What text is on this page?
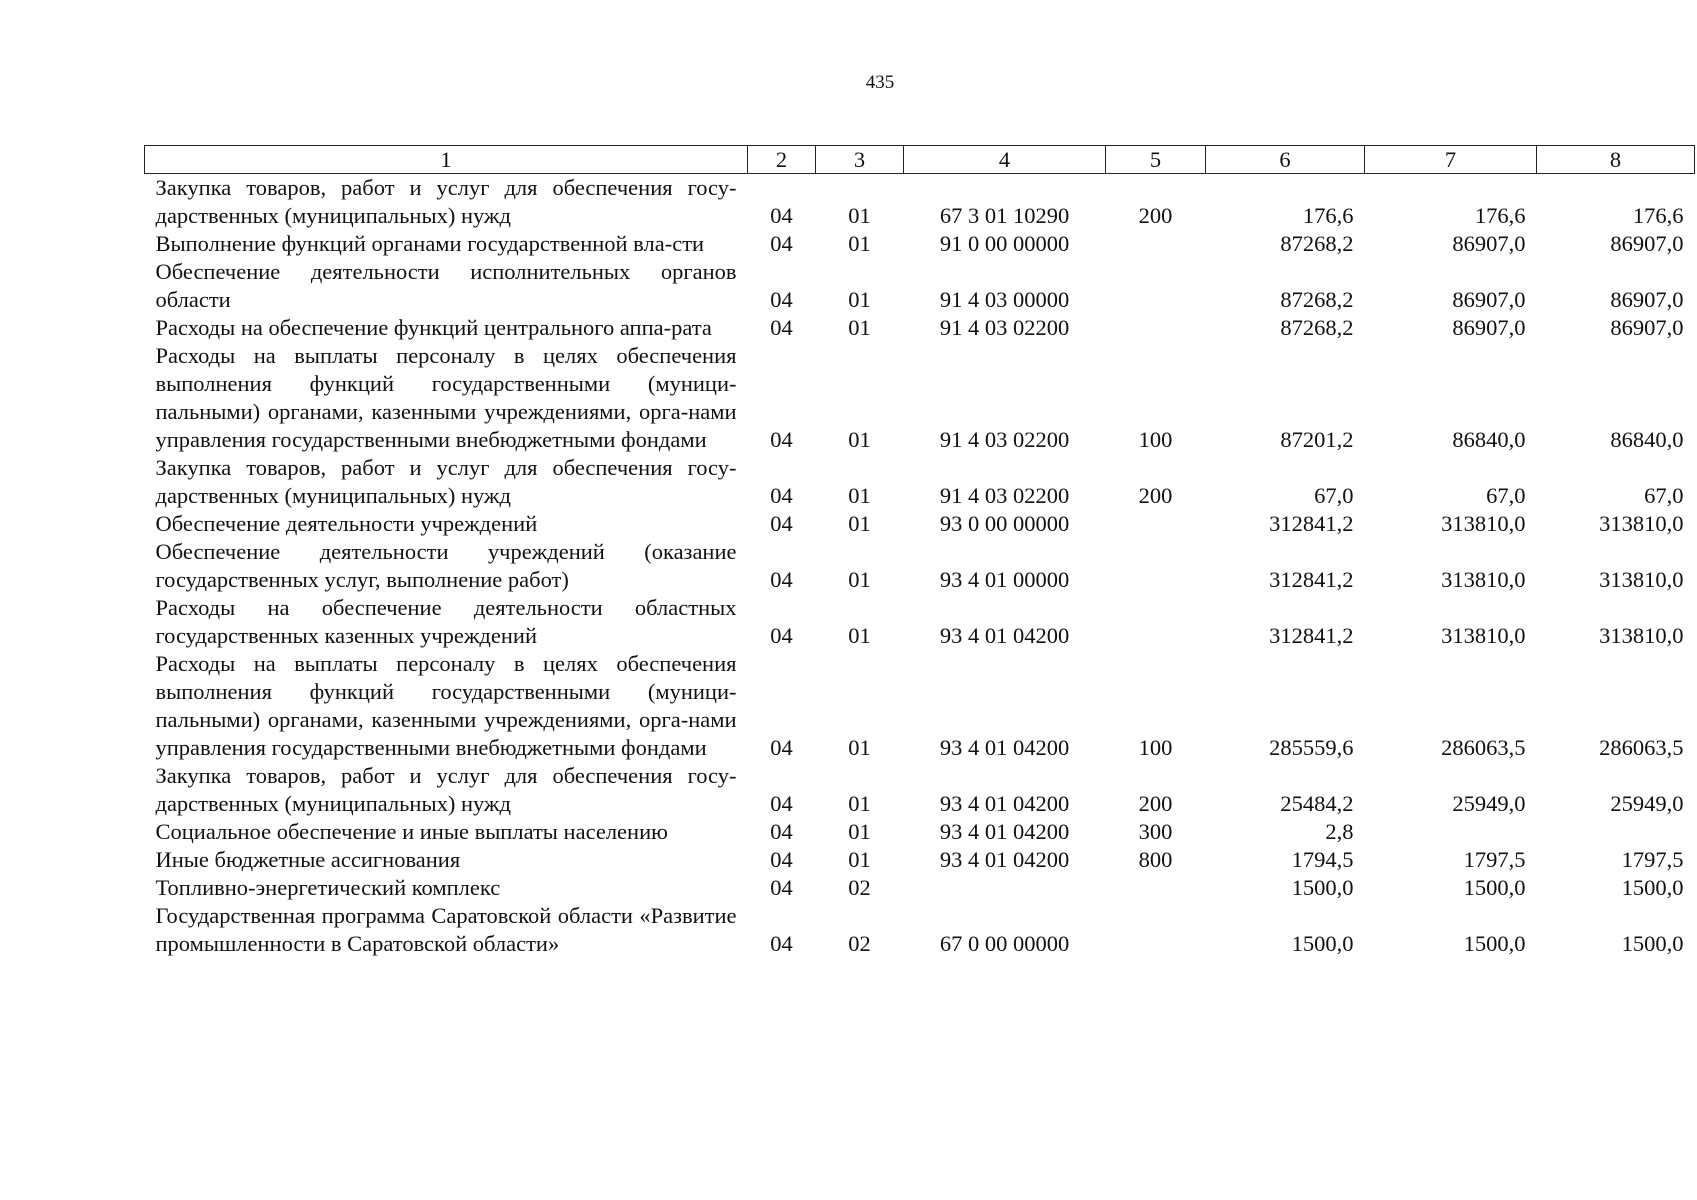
435
1	2	3	4	5	6	7	8
Закупка товаров, работ и услуг для обеспечения госу-дарственных (муниципальных) нужд	04	01	67 3 01 10290	200	176,6	176,6	176,6
Выполнение функций органами государственной вла-сти	04	01	91 0 00 00000		87268,2	86907,0	86907,0
Обеспечение деятельности исполнительных органов области	04	01	91 4 03 00000		87268,2	86907,0	86907,0
Расходы на обеспечение функций центрального аппа-рата	04	01	91 4 03 02200		87268,2	86907,0	86907,0
Расходы на выплаты персоналу в целях обеспечения выполнения функций государственными (муници-пальными) органами, казенными учреждениями, орга-нами управления государственными внебюджетными фондами	04	01	91 4 03 02200	100	87201,2	86840,0	86840,0
Закупка товаров, работ и услуг для обеспечения госу-дарственных (муниципальных) нужд	04	01	91 4 03 02200	200	67,0	67,0	67,0
Обеспечение деятельности учреждений	04	01	93 0 00 00000		312841,2	313810,0	313810,0
Обеспечение деятельности учреждений (оказание государственных услуг, выполнение работ)	04	01	93 4 01 00000		312841,2	313810,0	313810,0
Расходы на обеспечение деятельности областных государственных казенных учреждений	04	01	93 4 01 04200		312841,2	313810,0	313810,0
Расходы на выплаты персоналу в целях обеспечения выполнения функций государственными (муници-пальными) органами, казенными учреждениями, орга-нами управления государственными внебюджетными фондами	04	01	93 4 01 04200	100	285559,6	286063,5	286063,5
Закупка товаров, работ и услуг для обеспечения госу-дарственных (муниципальных) нужд	04	01	93 4 01 04200	200	25484,2	25949,0	25949,0
Социальное обеспечение и иные выплаты населению	04	01	93 4 01 04200	300	2,8		
Иные бюджетные ассигнования	04	01	93 4 01 04200	800	1794,5	1797,5	1797,5
Топливно-энергетический комплекс	04	02			1500,0	1500,0	1500,0
Государственная программа Саратовской области «Развитие промышленности в Саратовской области»	04	02	67 0 00 00000		1500,0	1500,0	1500,0
